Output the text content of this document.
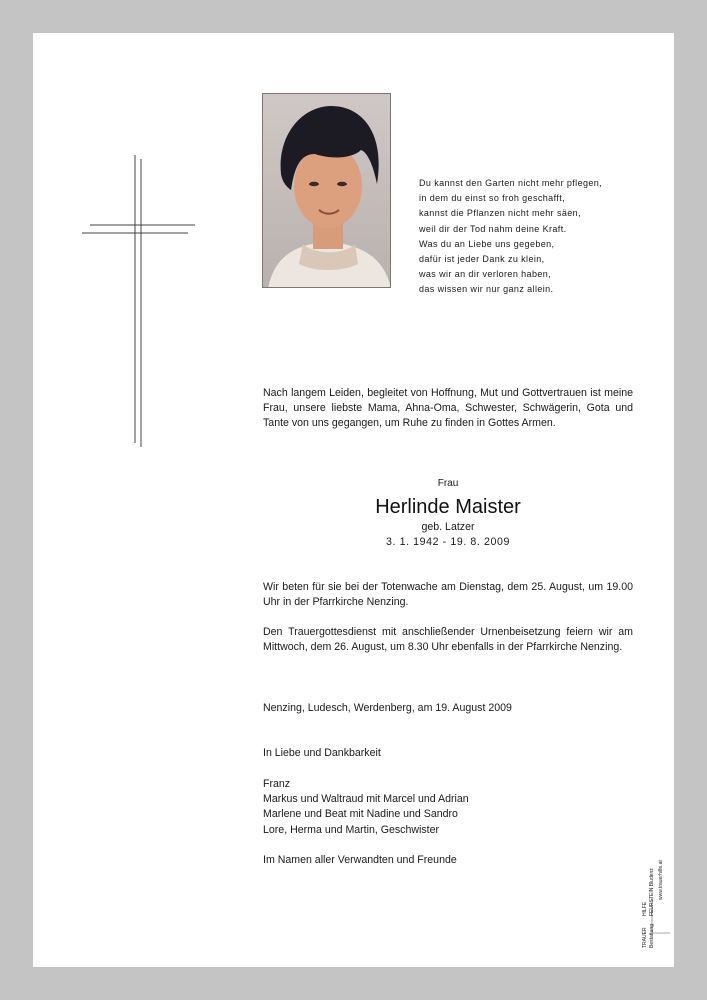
Du kannst den Garten nicht mehr pflegen,
in dem du einst so froh geschafft,
kannst die Pflanzen nicht mehr säen,
weil dir der Tod nahm deine Kraft.
Was du an Liebe uns gegeben,
dafür ist jeder Dank zu klein,
was wir an dir verloren haben,
das wissen wir nur ganz allein.
Nach langem Leiden, begleitet von Hoffnung, Mut und Gottvertrauen ist meine Frau, unsere liebste Mama, Ahna-Oma, Schwester, Schwägerin, Gota und Tante von uns gegangen, um Ruhe zu finden in Gottes Armen.
Frau
Herlinde Maister
geb. Latzer
3. 1. 1942 - 19. 8. 2009
Wir beten für sie bei der Totenwache am Dienstag, dem 25. August, um 19.00 Uhr in der Pfarrkirche Nenzing.
Den Trauergottesdienst mit anschließender Urnenbeisetzung feiern wir am Mittwoch, dem 26. August, um 8.30 Uhr ebenfalls in der Pfarrkirche Nenzing.
Nenzing, Ludesch, Werdenberg, am 19. August 2009
In Liebe und Dankbarkeit
Franz
Markus und Waltraud mit Marcel und Adrian
Marlene und Beat mit Nadine und Sandro
Lore, Herma und Martin, Geschwister
Im Namen aller Verwandten und Freunde
TRAUER
HILFE
Bestattung
FEURSTEIN Bludenz www.trauerhilfe.at
